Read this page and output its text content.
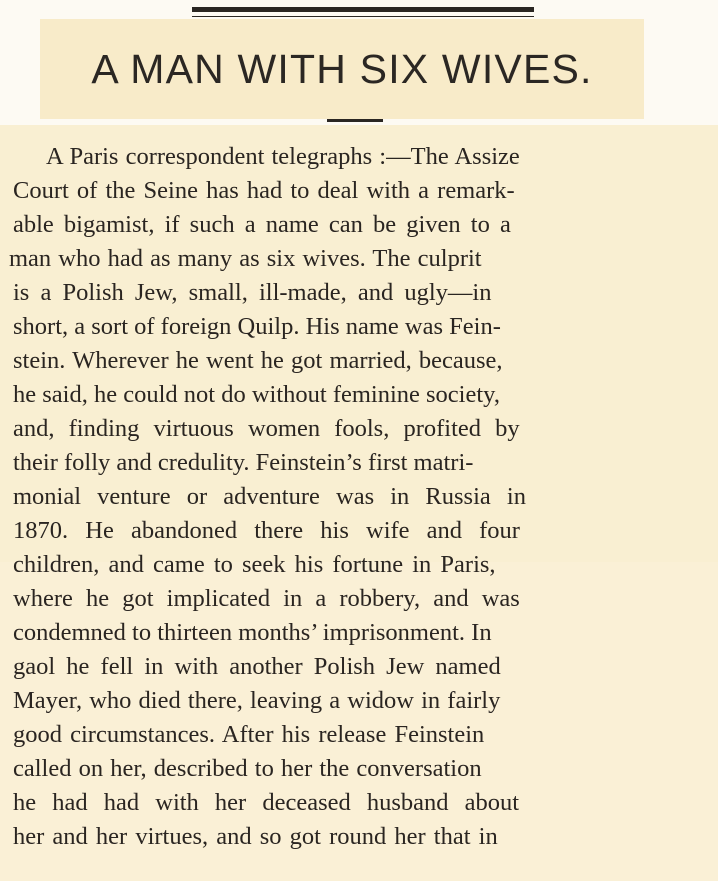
A MAN WITH SIX WIVES.
A Paris correspondent telegraphs :—The Assize
Court of the Seine has had to deal with a remark-
able bigamist, if such a name can be given to a
man who had as many as six wives. The culprit
is a Polish Jew, small, ill-made, and ugly—in
short, a sort of foreign Quilp. His name was Fein-
stein. Wherever he went he got married, because,
he said, he could not do without feminine society,
and, finding virtuous women fools, profited by
their folly and credulity. Feinstein’s first matri-
monial venture or adventure was in Russia in
1870. He abandoned there his wife and four
children, and came to seek his fortune in Paris,
where he got implicated in a robbery, and was
condemned to thirteen months’ imprisonment. In
gaol he fell in with another Polish Jew named
Mayer, who died there, leaving a widow in fairly
good circumstances. After his release Feinstein
called on her, described to her the conversation
he had had with her deceased husband about
her and her virtues, and so got round her that in
